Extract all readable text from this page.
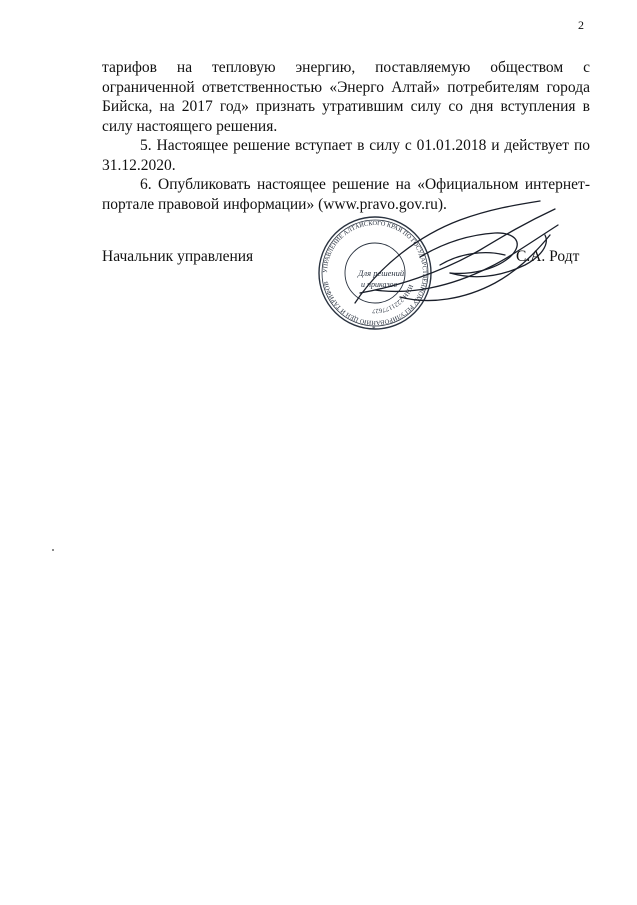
2

тарифов на тепловую энергию, поставляемую обществом с ограниченной ответственностью «Энерго Алтай» потребителям города Бийска, на 2017 год» признать утратившим силу со дня вступления в силу настоящего решения.

5. Настоящее решение вступает в силу с 01.01.2018 и действует по 31.12.2020.

6. Опубликовать настоящее решение на «Официальном интернет-портале правовой информации» (www.pravo.gov.ru).

Начальник управления
УПРАВЛЕНИЕ АЛТАЙСКОГО КРАЯ ПО ГОСУДАРСТВЕННОМУ РЕГУЛИРОВАНИЮ ЦЕН И ТАРИФОВ	ИНН 2221177627
*
Для решений
и приказов
С.А. Родт
